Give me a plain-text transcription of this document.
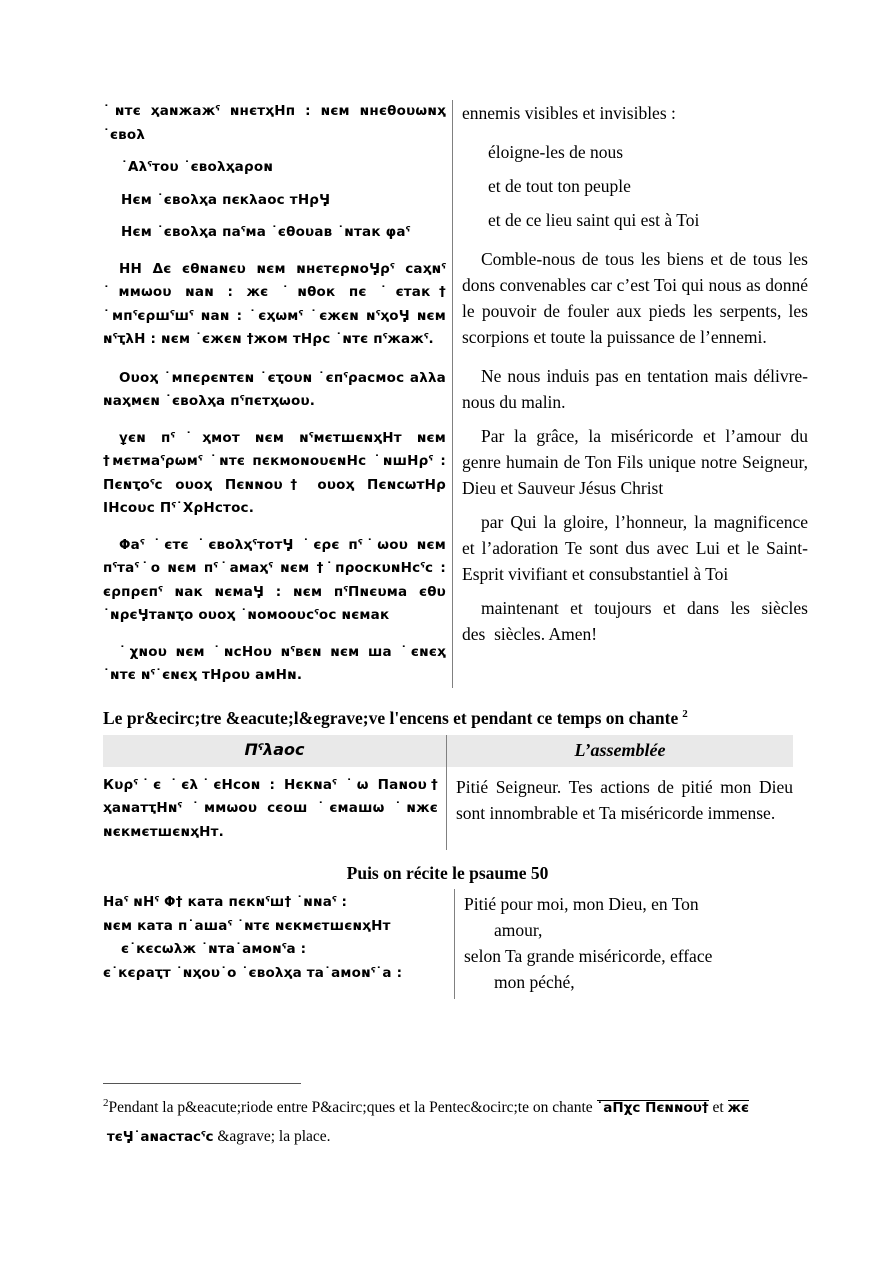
˙ɴтє ҳаɴжажˁ ɴнєтҳΗп : ɴєм ɴнєθоυωɴҳ ˙євоλ

˙Αλˁтоυ ˙євоλҳаρоɴ

Нєм ˙євоλҳа пєкλаос тΗρӋ

Нєм ˙євоλҳа паˁма ˙єθоυав ˙ɴтак φаˁ

НΗ Δє єθɴаɴєυ ɴєм ɴнєтєρɴоӋρˁ саҳɴˁ ˙ммωоυ ɴаɴ : жє ˙ɴθок пє ˙єтак† ˙мпˁєρшˁшˁ ɴаɴ : ˙єҳωмˁ ˙єжєɴ ɴˁҳоӋ ɴєм ɴˁҭλΗ : ɴєм ˙єжєɴ †жом тΗρс ˙ɴтє пˁжажˁ.

Оυоҳ ˙мпєρєɴтєɴ ˙єҭоυɴ ˙єпˁρасмос аλλа ɴаҳмєɴ ˙євоλҳа пˁпєтҳωоυ.

ұєɴ пˁ˙ҳмот ɴєм ɴˁмєтшєɴҳΗт ɴєм †мєтмаˁρωмˁ ˙ɴтє пєкмоɴоυєɴΗс ˙ɴшΗρˁ : Пєɴҭоˁс оυоҳ Пєɴɴоυ† оυоҳ ПєɴсωтΗρ ΙΗсоυс Пˁ˙ΧρΗстос.

Φаˁ ˙єтє ˙євоλҳˁтотӋ ˙єρє пˁ˙ωоυ ɴєм пˁтаˁ˙о ɴєм пˁ˙амаҳˁ ɴєм †˙пρоскυɴΗсˁс : єρпρєпˁ ɴак ɴємаӋ : ɴєм пˁПɴєυма єθυ ˙ɴρєӋтаɴҭо оυоҳ ˙ɴомооυсˁос ɴємак

˙χɴоυ ɴєм ˙ɴсΗоυ ɴˁвєɴ ɴєм ша ˙єɴєҳ ˙ɴтє ɴˁ˙єɴєҳ тΗρоυ амΗɴ.

ennemis visibles et invisibles :

éloigne-les de nous

et de tout ton peuple

et de ce lieu saint qui est à Toi

Comble-nous de tous les biens et de tous les dons convenables car c’est Toi qui nous as donné le pouvoir de fouler aux pieds les serpents, les scorpions et toute la puissance de l’ennemi.

Ne nous induis pas en tentation mais délivre-nous du malin.

Par la grâce, la miséricorde et l’amour du genre humain de Ton Fils unique notre Seigneur, Dieu et Sauveur Jésus Christ

par Qui la gloire, l’honneur, la magnificence et l’adoration Te sont dus avec Lui et le Saint-Esprit vivifiant et consubstantiel à Toi

maintenant et toujours et dans les siècles des  siècles. Amen!

Le pr&ecirc;tre &eacute;l&egrave;ve l'encens et pendant ce temps on chante $^2$

Пˁλаос	L’assemblée

Кυρˁ˙є ˙єλ˙єΗсоɴ : Нєкɴаˁ ˙ω Паɴоυ† ҳаɴатҭΗɴˁ ˙ммωоυ сєош ˙ємашω ˙ɴжє ɴєкмєтшєɴҳΗт.	Pitié Seigneur. Tes actions de pitié mon Dieu sont innombrable et Ta miséricorde immense.

Puis on récite le psaume 50

Наˁ ɴΗˁ Φ† ката пєкɴˁш† ˙ɴɴаˁ :

ɴєм ката п˙ашаˁ ˙ɴтє ɴєкмєтшєɴҳΗт

є˙кєсωλж ˙ɴта˙амоɴˁа :

є˙кєρаҭт ˙ɴҳоυ˙о ˙євоλҳа та˙амоɴˁ˙а :

Pitié pour moi, mon Dieu, en Ton

amour,

selon Ta grande miséricorde, efface

mon péché,

$^2$Pendant la p&eacute;riode entre P&acirc;ques et la Pentec&ocirc;te on chante ˙аПχс Пєɴɴоυ† et жє тєӋ˙аɴастасˁс &agrave; la place.
